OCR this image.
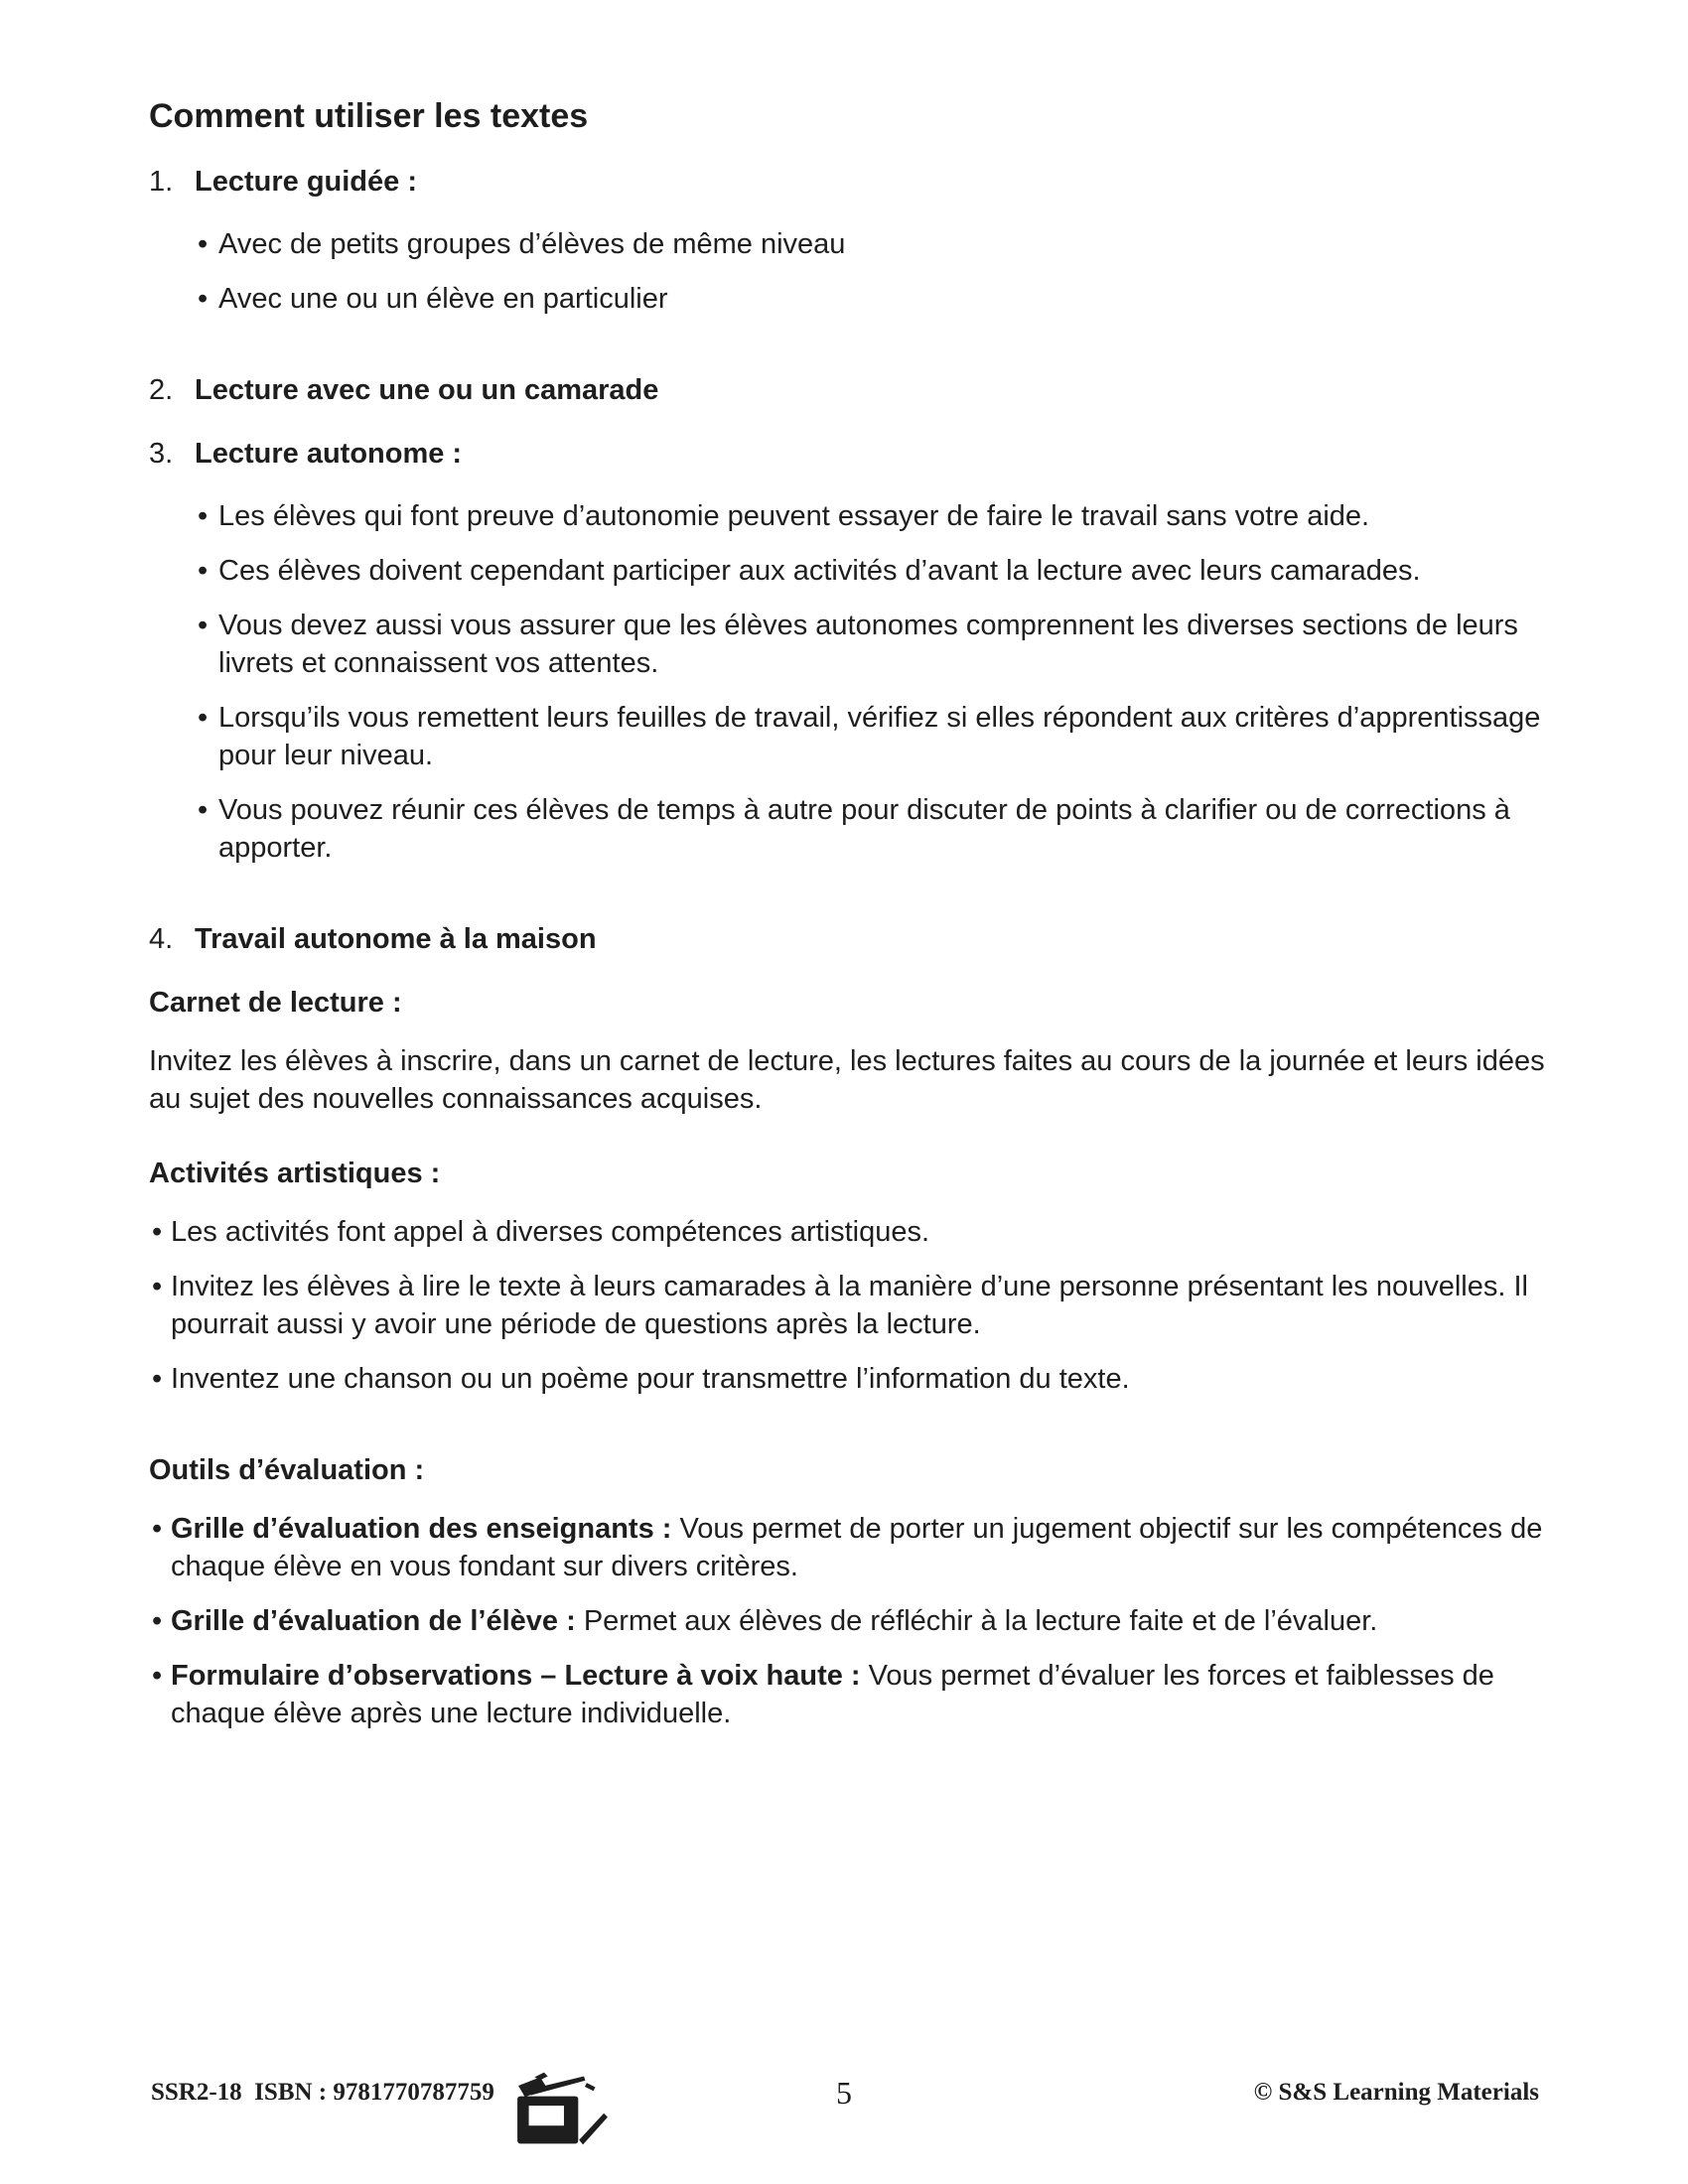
Comment utiliser les textes
1. Lecture guidée :
• Avec de petits groupes d’élèves de même niveau
• Avec une ou un élève en particulier
2. Lecture avec une ou un camarade
3. Lecture autonome :
• Les élèves qui font preuve d’autonomie peuvent essayer de faire le travail sans votre aide.
• Ces élèves doivent cependant participer aux activités d’avant la lecture avec leurs camarades.
• Vous devez aussi vous assurer que les élèves autonomes comprennent les diverses sections de leurs livrets et connaissent vos attentes.
• Lorsqu’ils vous remettent leurs feuilles de travail, vérifiez si elles répondent aux critères d’apprentissage pour leur niveau.
• Vous pouvez réunir ces élèves de temps à autre pour discuter de points à clarifier ou de corrections à apporter.
4. Travail autonome à la maison
Carnet de lecture :

Invitez les élèves à inscrire, dans un carnet de lecture, les lectures faites au cours de la journée et leurs idées au sujet des nouvelles connaissances acquises.

Activités artistiques :
• Les activités font appel à diverses compétences artistiques.
• Invitez les élèves à lire le texte à leurs camarades à la manière d’une personne présentant les nouvelles. Il pourrait aussi y avoir une période de questions après la lecture.
• Inventez une chanson ou un poème pour transmettre l’information du texte.
Outils d’évaluation :
• Grille d’évaluation des enseignants : Vous permet de porter un jugement objectif sur les compétences de chaque élève en vous fondant sur divers critères.
• Grille d’évaluation de l’élève : Permet aux élèves de réfléchir à la lecture faite et de l’évaluer.
• Formulaire d’observations – Lecture à voix haute : Vous permet d’évaluer les forces et faiblesses de chaque élève après une lecture individuelle.
SSR2-18  ISBN : 9781770787759	5	© S&S Learning Materials
